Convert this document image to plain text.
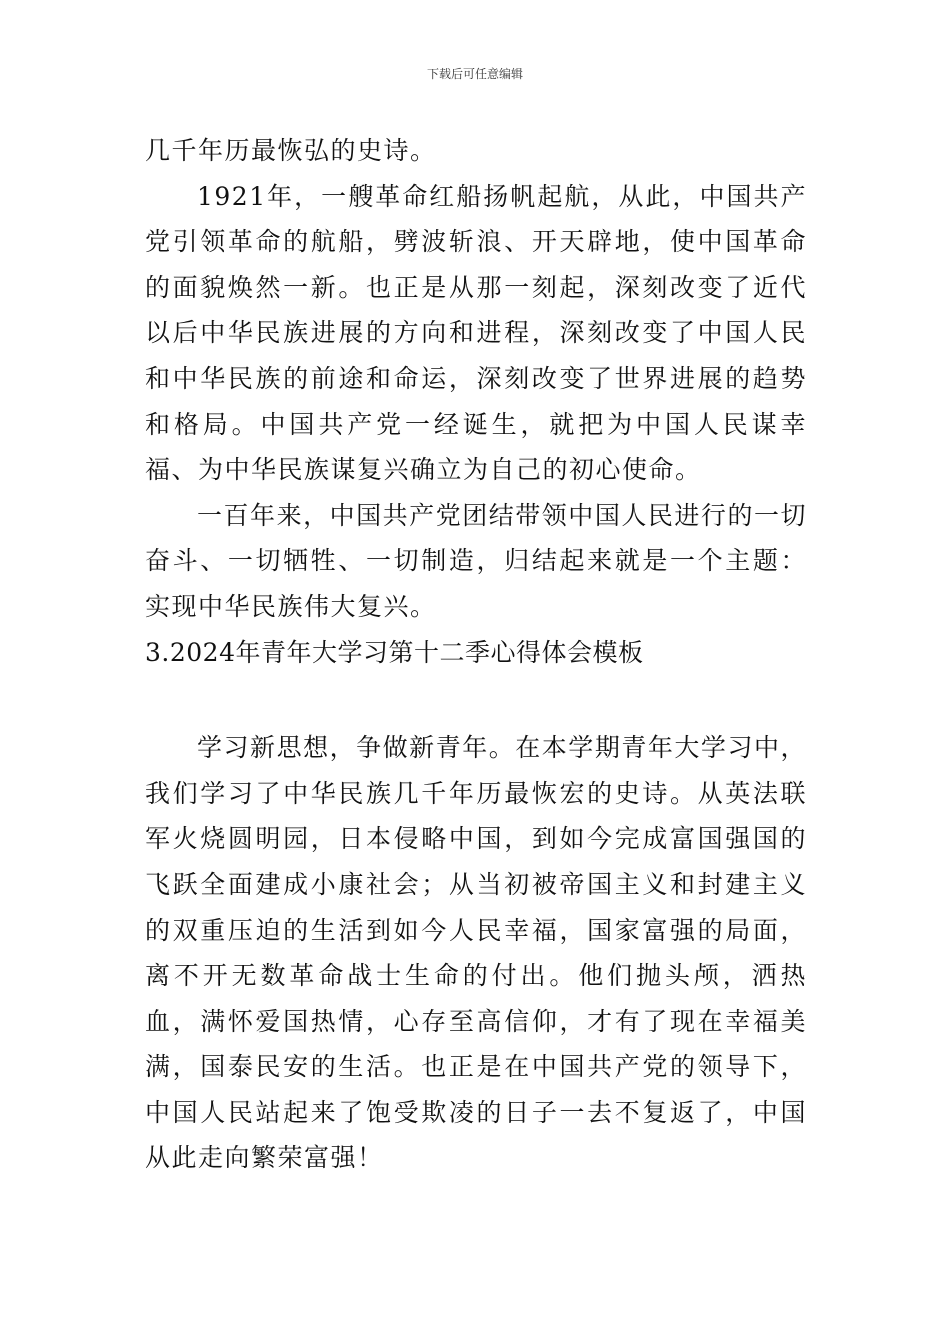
下载后可任意编辑

几千年历最恢弘的史诗。

1921年，一艘革命红船扬帆起航，从此，中国共产党引领革命的航船，劈波斩浪、开天辟地，使中国革命的面貌焕然一新。也正是从那一刻起，深刻改变了近代以后中华民族进展的方向和进程，深刻改变了中国人民和中华民族的前途和命运，深刻改变了世界进展的趋势和格局。中国共产党一经诞生，就把为中国人民谋幸福、为中华民族谋复兴确立为自己的初心使命。

一百年来，中国共产党团结带领中国人民进行的一切奋斗、一切牺牲、一切制造，归结起来就是一个主题：实现中华民族伟大复兴。

3.2024年青年大学习第十二季心得体会模板

学习新思想，争做新青年。在本学期青年大学习中，我们学习了中华民族几千年历最恢宏的史诗。从英法联军火烧圆明园，日本侵略中国，到如今完成富国强国的飞跃全面建成小康社会；从当初被帝国主义和封建主义的双重压迫的生活到如今人民幸福，国家富强的局面，离不开无数革命战士生命的付出。他们抛头颅，洒热血，满怀爱国热情，心存至高信仰，才有了现在幸福美满，国泰民安的生活。也正是在中国共产党的领导下，中国人民站起来了饱受欺凌的日子一去不复返了，中国从此走向繁荣富强！
